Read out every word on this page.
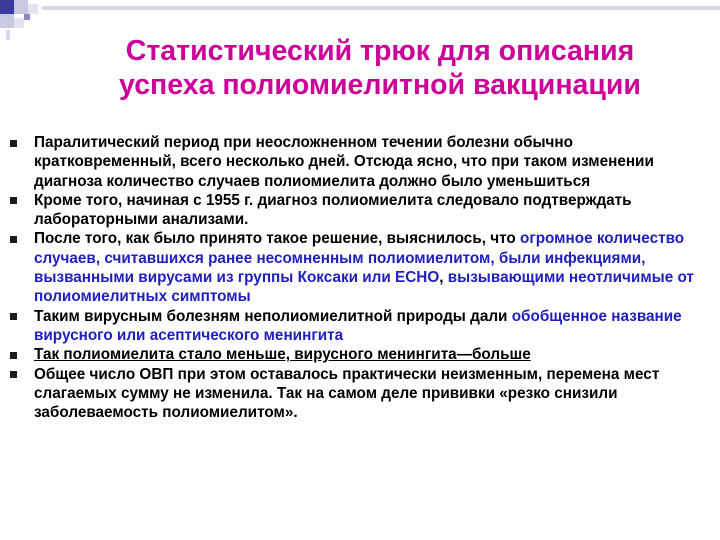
Статистический трюк для описания
успеха полиомиелитной вакцинации
Паралитический период при неосложненном течении болезни обычно кратковременный, всего несколько дней. Отсюда ясно, что при таком изменении диагноза количество случаев полиомиелита должно было уменьшиться
Кроме того, начиная с 1955 г. диагноз полиомиелита следовало подтверждать лабораторными анализами.
После того, как было принято такое решение, выяснилось, что огромное количество случаев, считавшихся ранее несомненным полиомиелитом, были инфекциями, вызванными вирусами из группы Коксаки или ECHO, вызывающими неотличимые от полиомиелитных симптомы
Таким вирусным болезням неполиомиелитной природы дали обобщенное название вирусного или асептического менингита
Так полиомиелита стало меньше, вирусного менингита—больше
Общее число ОВП при этом оставалось практически неизменным, перемена мест слагаемых сумму не изменила. Так на самом деле прививки «резко снизили заболеваемость полиомиелитом».
